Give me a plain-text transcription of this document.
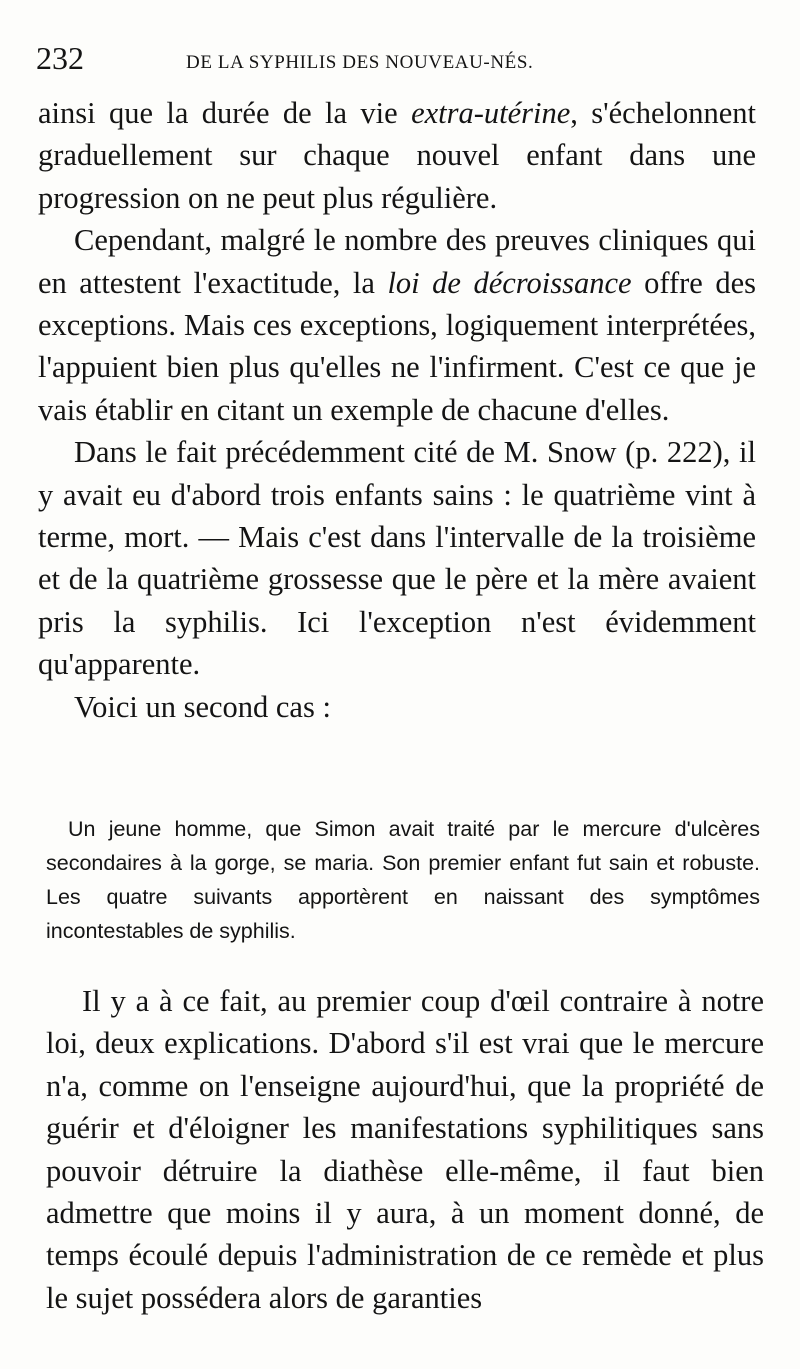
232	DE LA SYPHILIS DES NOUVEAU-NÉS.

ainsi que la durée de la vie extra-utérine, s'échelonnent graduellement sur chaque nouvel enfant dans une progression on ne peut plus régulière.

Cependant, malgré le nombre des preuves cliniques qui en attestent l'exactitude, la loi de décroissance offre des exceptions. Mais ces exceptions, logiquement interprétées, l'appuient bien plus qu'elles ne l'infirment. C'est ce que je vais établir en citant un exemple de chacune d'elles.

Dans le fait précédemment cité de M. Snow (p. 222), il y avait eu d'abord trois enfants sains : le quatrième vint à terme, mort. — Mais c'est dans l'intervalle de la troisième et de la quatrième grossesse que le père et la mère avaient pris la syphilis. Ici l'exception n'est évidemment qu'apparente.

Voici un second cas :

Un jeune homme, que Simon avait traité par le mercure d'ulcères secondaires à la gorge, se maria. Son premier enfant fut sain et robuste. Les quatre suivants apportèrent en naissant des symptômes incontestables de syphilis.

Il y a à ce fait, au premier coup d'œil contraire à notre loi, deux explications. D'abord s'il est vrai que le mercure n'a, comme on l'enseigne aujourd'hui, que la propriété de guérir et d'éloigner les manifestations syphilitiques sans pouvoir détruire la diathèse elle-même, il faut bien admettre que moins il y aura, à un moment donné, de temps écoulé depuis l'administration de ce remède et plus le sujet possédera alors de garanties
